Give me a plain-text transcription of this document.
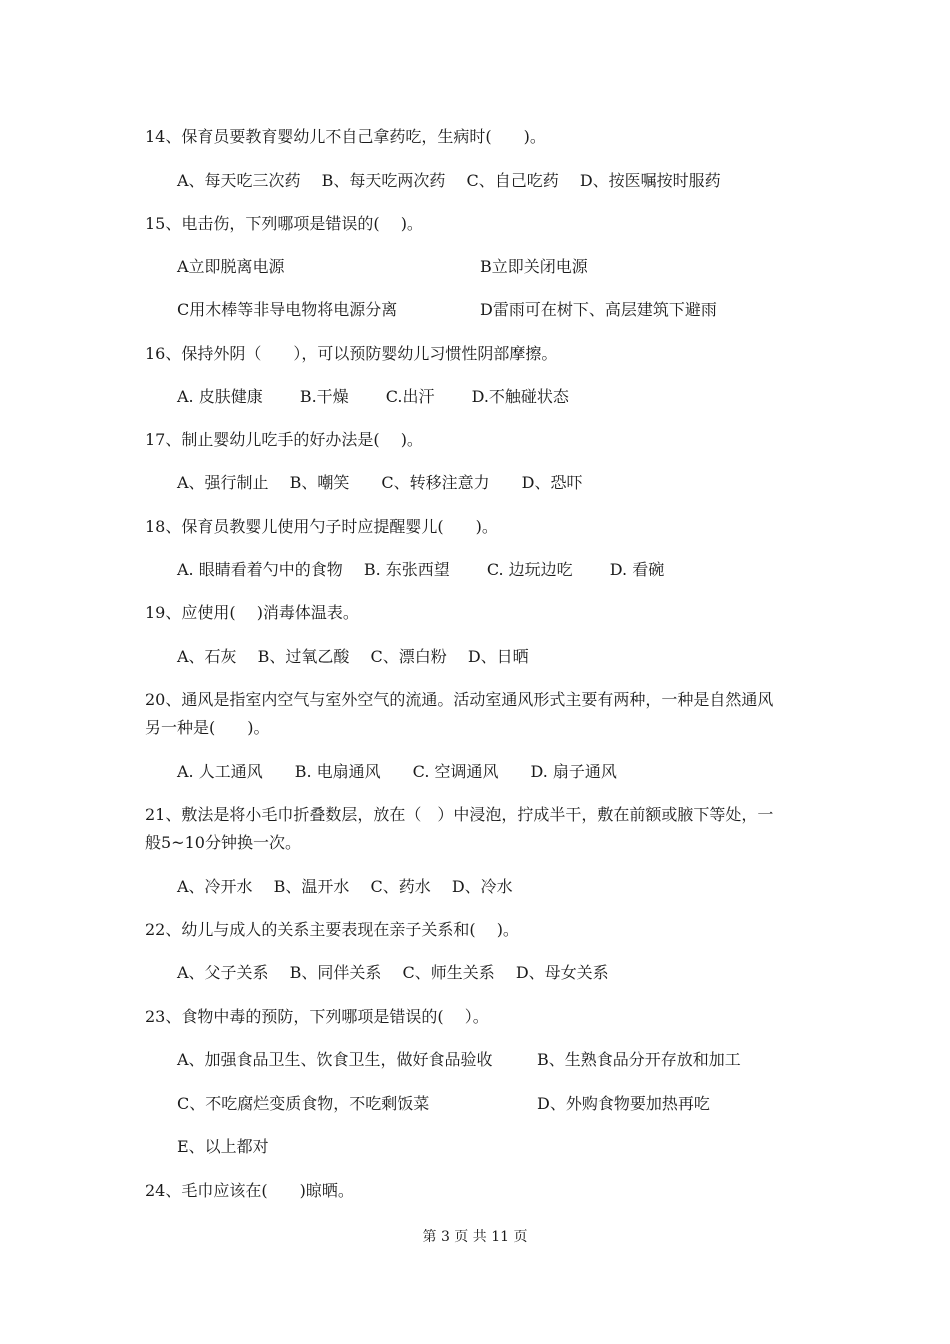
14、保育员要教育婴幼儿不自己拿药吃，生病时(　　)。
A、每天吃三次药　 B、每天吃两次药　 C、自己吃药　 D、按医嘱按时服药
15、电击伤，下列哪项是错误的(　 )。
A立即脱离电源	B立即关闭电源
C用木棒等非导电物将电源分离	D雷雨可在树下、高层建筑下避雨
16、保持外阴（　　），可以预防婴幼儿习惯性阴部摩擦。
A. 皮肤健康　　 B.干燥　　 C.出汗　　 D.不触碰状态
17、制止婴幼儿吃手的好办法是(　 )。
A、强行制止　 B、嘲笑　　C、转移注意力　　D、恐吓
18、保育员教婴儿使用勺子时应提醒婴儿(　　)。
A. 眼睛看着勺中的食物　 B. 东张西望　　 C. 边玩边吃　　 D. 看碗
19、应使用(　 )消毒体温表。
A、石灰　 B、过氧乙酸　 C、漂白粉　 D、日晒
20、通风是指室内空气与室外空气的流通。活动室通风形式主要有两种，一种是自然通风
另一种是(　　)。
A. 人工通风　　B. 电扇通风　　C. 空调通风　　D. 扇子通风
21、敷法是将小毛巾折叠数层，放在（　）中浸泡，拧成半干，敷在前额或腋下等处，一
般5~10分钟换一次。
A、冷开水　 B、温开水　 C、药水　 D、冷水
22、幼儿与成人的关系主要表现在亲子关系和(　 )。
A、父子关系　 B、同伴关系　 C、师生关系　 D、母女关系
23、食物中毒的预防，下列哪项是错误的(　 ）。
A、加强食品卫生、饮食卫生，做好食品验收	B、生熟食品分开存放和加工
C、不吃腐烂变质食物，不吃剩饭菜	D、外购食物要加热再吃
E、以上都对
24、毛巾应该在(　　)晾晒。
第 3 页 共 11 页
